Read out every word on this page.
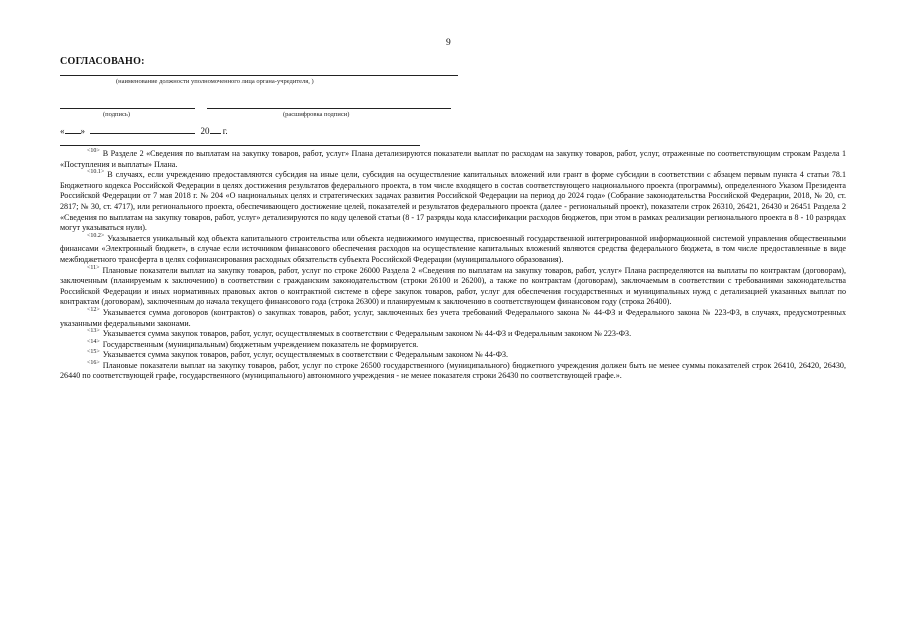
9
СОГЛАСОВАНО:
(наименование должности уполномоченного лица органа-учредителя, )
(подпись)	(расшифровка подписи)
« »	20 г.

$^{<10>}$ В Разделе 2 «Сведения по выплатам на закупку товаров, работ, услуг» Плана детализируются показатели выплат по расходам на закупку товаров, работ, услуг, отраженные по соответствующим строкам Раздела 1 «Поступления и выплаты» Плана.

$^{<10.1>}$ В случаях, если учреждению предоставляются субсидия на иные цели, субсидия на осуществление капитальных вложений или грант в форме субсидии в соответствии с абзацем первым пункта 4 статьи 78.1 Бюджетного кодекса Российской Федерации в целях достижения результатов федерального проекта, в том числе входящего в состав соответствующего национального проекта (программы), определенного Указом Президента Российской Федерации от 7 мая 2018 г. № 204 «О национальных целях и стратегических задачах развития Российской Федерации на период до 2024 года» (Собрание законодательства Российской Федерации, 2018, № 20, ст. 2817; № 30, ст. 4717), или регионального проекта, обеспечивающего достижение целей, показателей и результатов федерального проекта (далее - региональный проект), показатели строк 26310, 26421, 26430 и 26451 Раздела 2 «Сведения по выплатам на закупку товаров, работ, услуг» детализируются по коду целевой статьи (8 - 17 разряды кода классификации расходов бюджетов, при этом в рамках реализации регионального проекта в 8 - 10 разрядах могут указываться нули).

$^{<10.2>}$ Указывается уникальный код объекта капитального строительства или объекта недвижимого имущества, присвоенный государственной интегрированной информационной системой управления общественными финансами «Электронный бюджет», в случае если источником финансового обеспечения расходов на осуществление капитальных вложений являются средства федерального бюджета, в том числе предоставленные в виде межбюджетного трансферта в целях софинансирования расходных обязательств субъекта Российской Федерации (муниципального образования).

$^{<11>}$ Плановые показатели выплат на закупку товаров, работ, услуг по строке 26000 Раздела 2 «Сведения по выплатам на закупку товаров, работ, услуг» Плана распределяются на выплаты по контрактам (договорам), заключенным (планируемым к заключению) в соответствии с гражданским законодательством (строки 26100 и 26200), а также по контрактам (договорам), заключаемым в соответствии с требованиями законодательства Российской Федерации и иных нормативных правовых актов о контрактной системе в сфере закупок товаров, работ, услуг для обеспечения государственных и муниципальных нужд с детализацией указанных выплат по контрактам (договорам), заключенным до начала текущего финансового года (строка 26300) и планируемым к заключению в соответствующем финансовом году (строка 26400).

$^{<12>}$ Указывается сумма договоров (контрактов) о закупках товаров, работ, услуг, заключенных без учета требований Федерального закона № 44-ФЗ и Федерального закона № 223-ФЗ, в случаях, предусмотренных указанными федеральными законами.

$^{<13>}$ Указывается сумма закупок товаров, работ, услуг, осуществляемых в соответствии с Федеральным законом № 44-ФЗ и Федеральным законом № 223-ФЗ.

$^{<14>}$ Государственным (муниципальным) бюджетным учреждением показатель не формируется.

$^{<15>}$ Указывается сумма закупок товаров, работ, услуг, осуществляемых в соответствии с Федеральным законом № 44-ФЗ.

$^{<16>}$ Плановые показатели выплат на закупку товаров, работ, услуг по строке 26500 государственного (муниципального) бюджетного учреждения должен быть не менее суммы показателей строк 26410, 26420, 26430, 26440 по соответствующей графе, государственного (муниципального) автономного учреждения - не менее показателя строки 26430 по соответствующей графе.».
